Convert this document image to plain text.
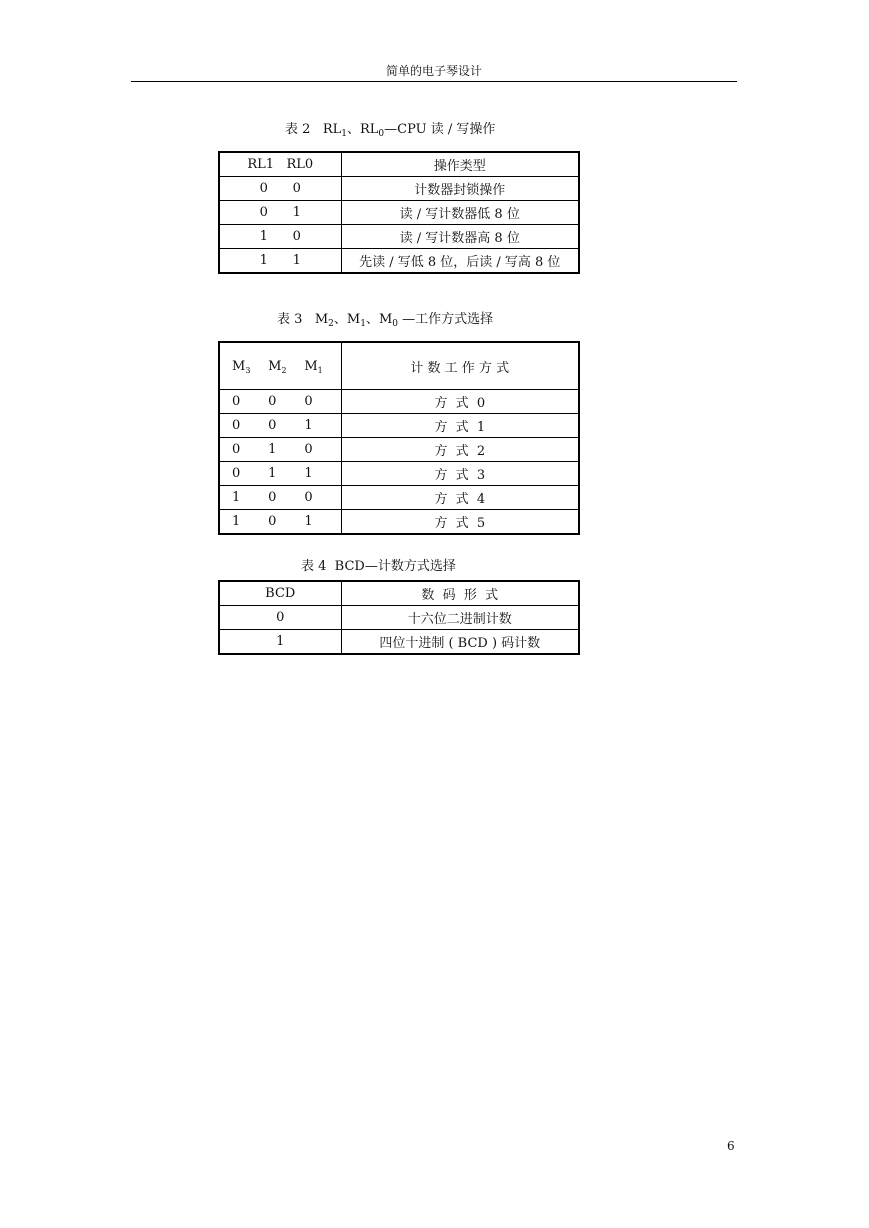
简单的电子琴设计
表 2 $RL_1$、$RL_0—CPU$ 读 / 写操作
RL1 RL0	操作类型
0 0	计数器封锁操作
0 1	读 / 写计数器低 8 位
1 0	读 / 写计数器高 8 位
1 1	先读 / 写低 8 位，后读 / 写高 8 位
表 3 $M_2$、$M_1$、$M_0$ —工作方式选择
$M_3$ $M_2$ $M_1$	计 数 工 作 方 式

0 0 0	方  式  0

0 0 1	方  式  1

0 1 0	方  式  2

0 1 1	方  式  3

1 0 0	方  式  4

1 0 1	方  式  5
表 4  BCD—计数方式选择
BCD	数  码  形  式
0	十六位二进制计数
1	四位十进制 ( BCD ) 码计数
6
